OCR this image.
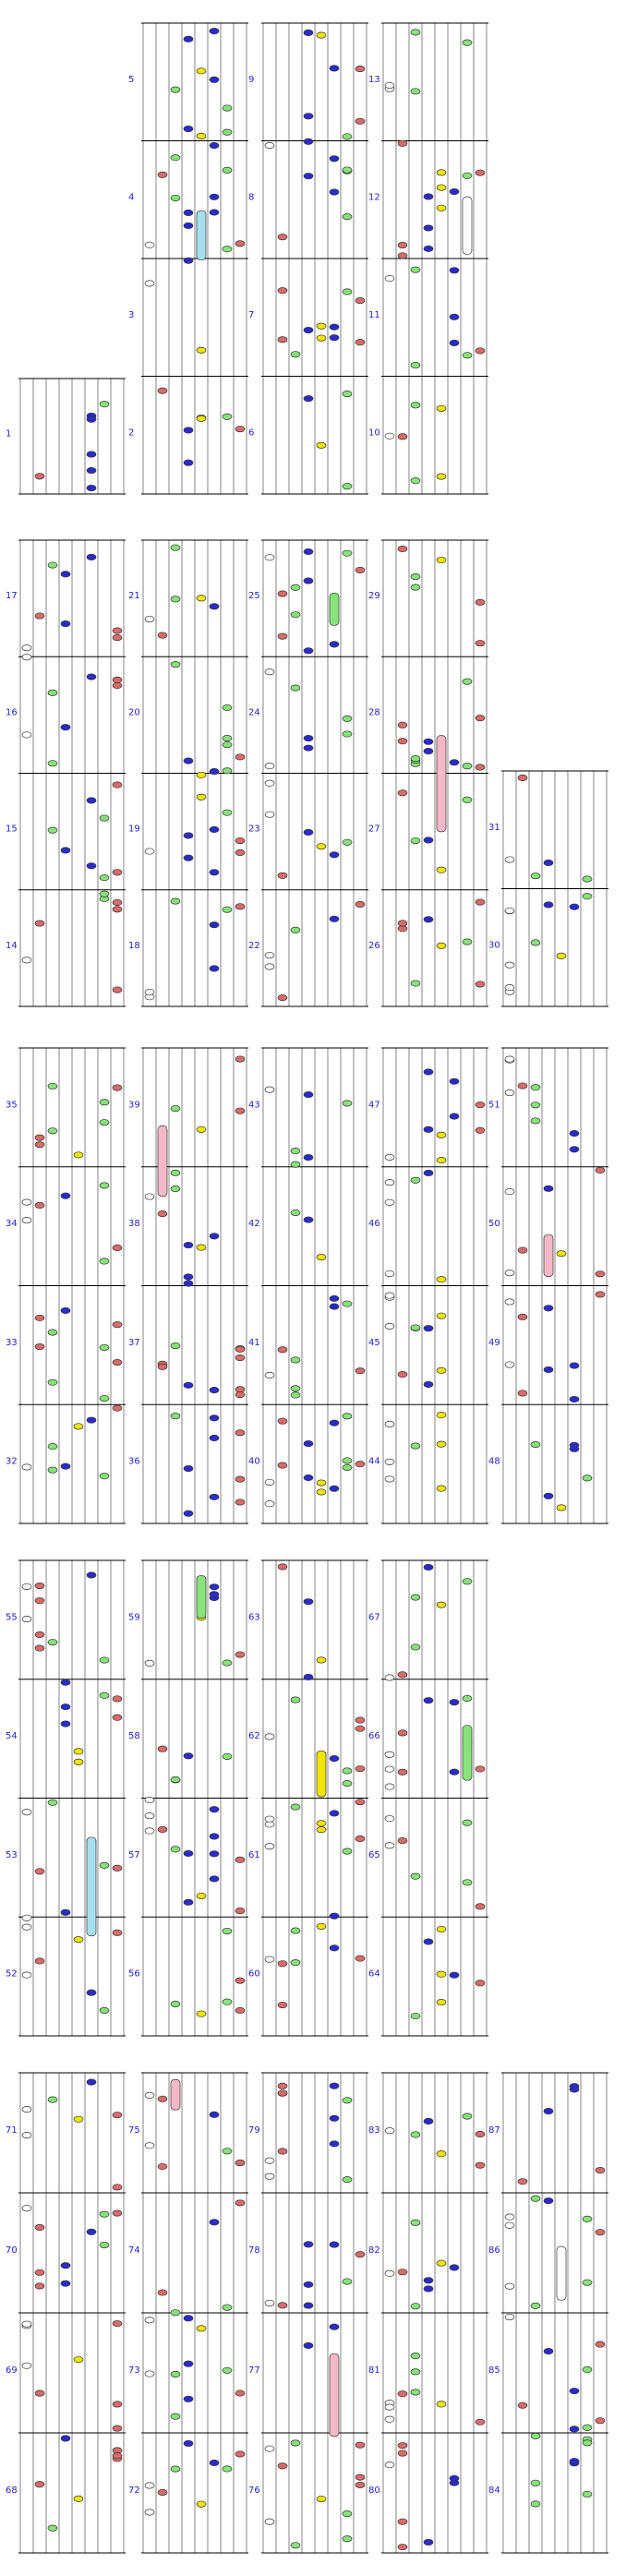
1	2
3
4
5
6
7
8
9
10
11
12
13
14
15
16
17
18
19
20
21
22
23
24
25
26
27
28
29
30
31
32
33
34
35
36
37
38
39
40
41
42
43
44
45
46
47
48
49
50
51
52
53
54
55
56
57
58
59
60
61
62
63
64
65
66
67
68
69
70
71
72
73
74
75
76
77
78
79
80
81
82
83
84
85
86
87
